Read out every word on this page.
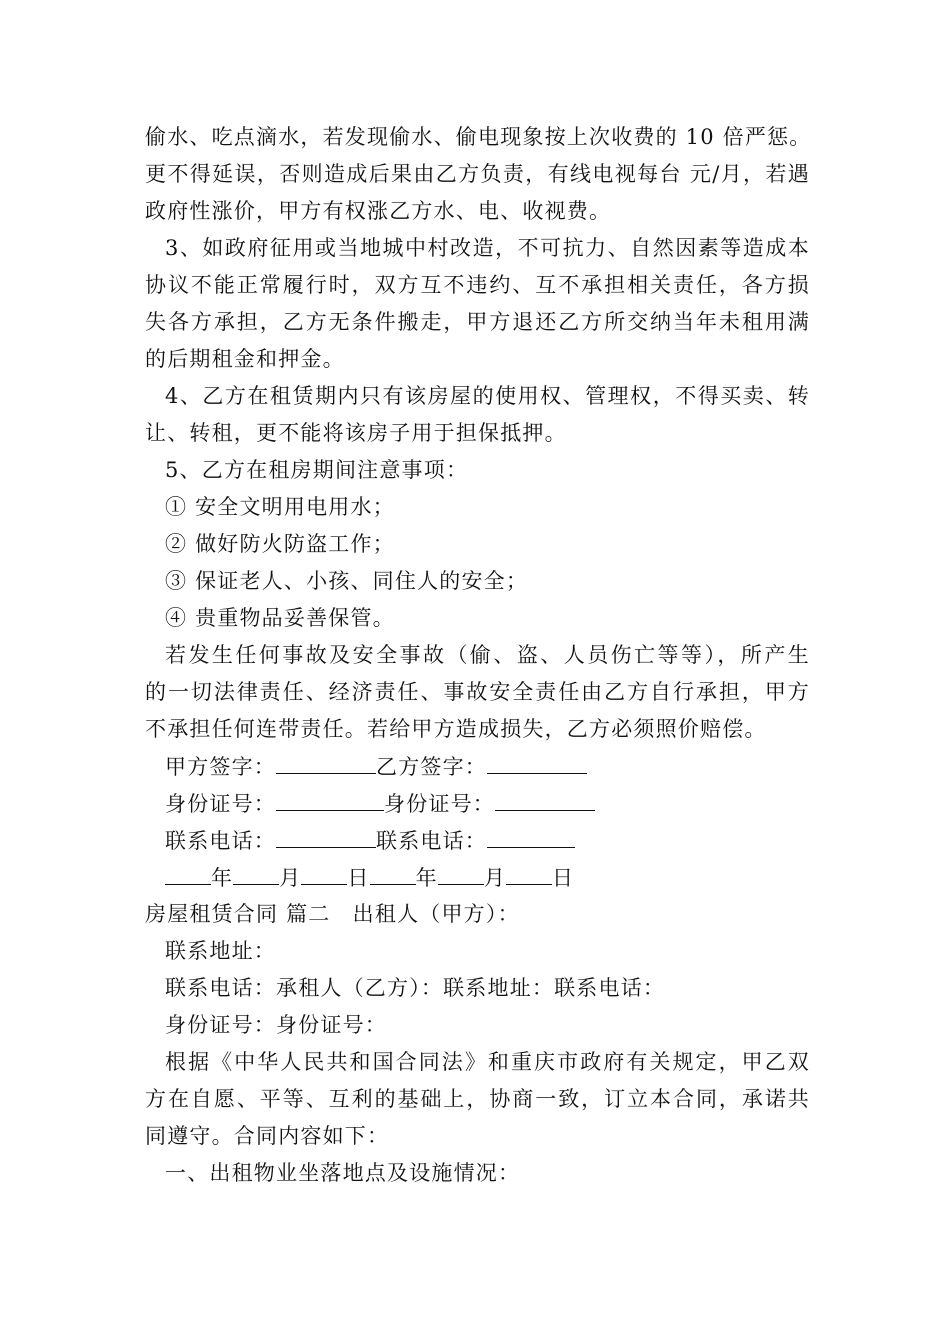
偷水、吃点滴水，若发现偷水、偷电现象按上次收费的 10 倍严惩。
更不得延误，否则造成后果由乙方负责，有线电视每台 元/月，若遇
政府性涨价，甲方有权涨乙方水、电、收视费。
3、如政府征用或当地城中村改造，不可抗力、自然因素等造成本
协议不能正常履行时，双方互不违约、互不承担相关责任，各方损
失各方承担，乙方无条件搬走，甲方退还乙方所交纳当年未租用满
的后期租金和押金。
4、乙方在租赁期内只有该房屋的使用权、管理权，不得买卖、转
让、转租，更不能将该房子用于担保抵押。
5、乙方在租房期间注意事项：
① 安全文明用电用水；
② 做好防火防盗工作；
③ 保证老人、小孩、同住人的安全；
④ 贵重物品妥善保管。
若发生任何事故及安全事故（偷、盗、人员伤亡等等），所产生
的一切法律责任、经济责任、事故安全责任由乙方自行承担，甲方
不承担任何连带责任。若给甲方造成损失，乙方必须照价赔偿。
甲方签字：	乙方签字：
身份证号：	身份证号：
联系电话：	联系电话：
年 月 日 年 月 日
房屋租赁合同 篇二　出租人（甲方）：
联系地址：
联系电话：承租人（乙方）：联系地址：联系电话：
身份证号：身份证号：
根据《中华人民共和国合同法》和重庆市政府有关规定，甲乙双
方在自愿、平等、互利的基础上，协商一致，订立本合同，承诺共
同遵守。合同内容如下：
一、出租物业坐落地点及设施情况：
